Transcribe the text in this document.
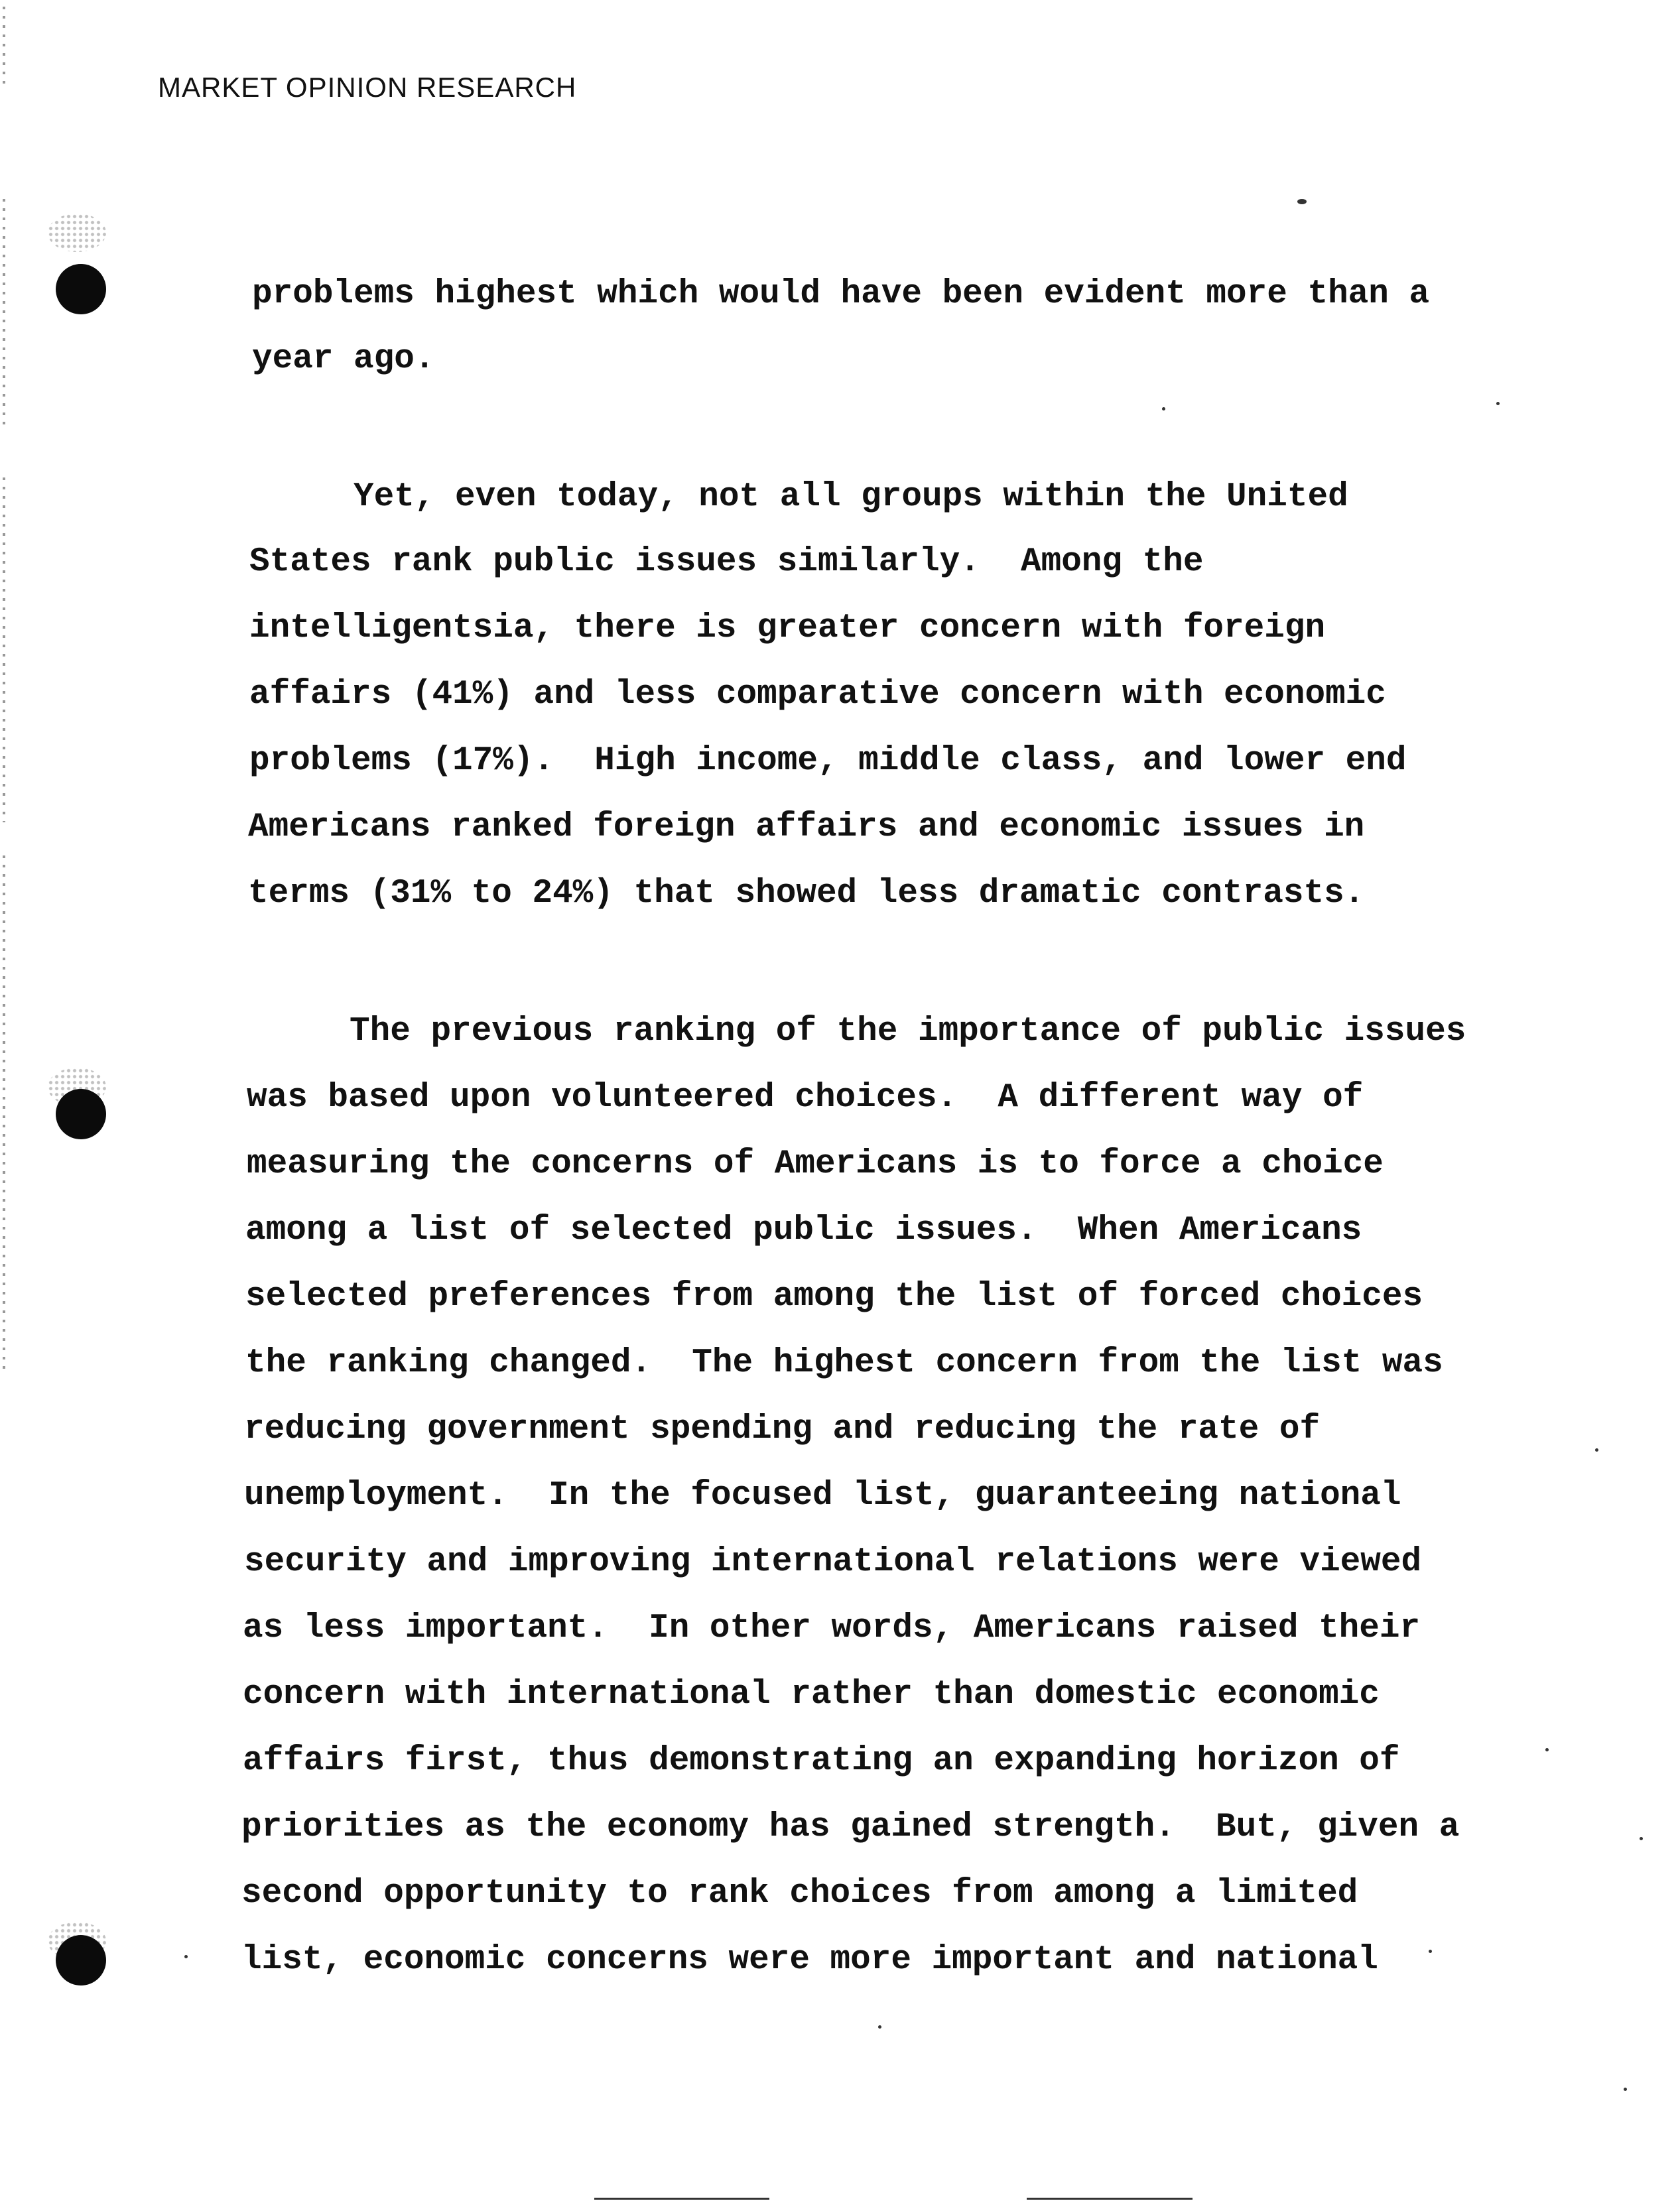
MARKET OPINION RESEARCH
problems highest which would have been evident more than a
year ago.
Yet, even today, not all groups within the United
States rank public issues similarly.  Among the
intelligentsia, there is greater concern with foreign
affairs (41%) and less comparative concern with economic
problems (17%).  High income, middle class, and lower end
Americans ranked foreign affairs and economic issues in
terms (31% to 24%) that showed less dramatic contrasts.
The previous ranking of the importance of public issues
was based upon volunteered choices.  A different way of
measuring the concerns of Americans is to force a choice
among a list of selected public issues.  When Americans
selected preferences from among the list of forced choices
the ranking changed.  The highest concern from the list was
reducing government spending and reducing the rate of
unemployment.  In the focused list, guaranteeing national
security and improving international relations were viewed
as less important.  In other words, Americans raised their
concern with international rather than domestic economic
affairs first, thus demonstrating an expanding horizon of
priorities as the economy has gained strength.  But, given a
second opportunity to rank choices from among a limited
list, economic concerns were more important and national
